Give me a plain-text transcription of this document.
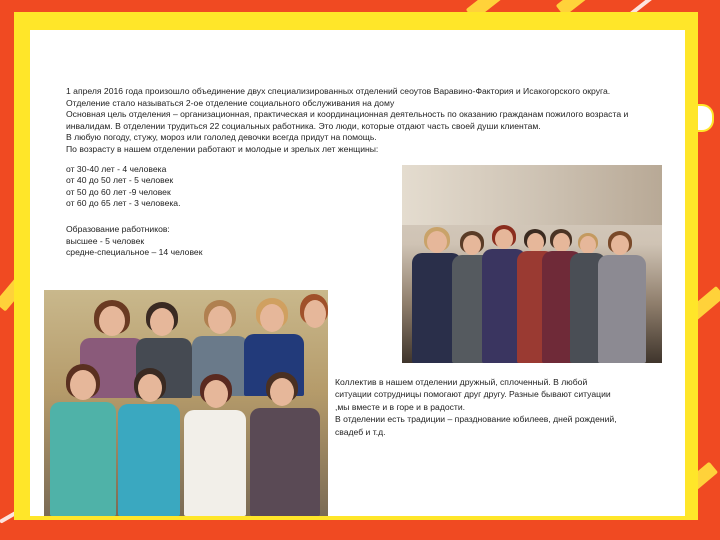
1 апреля 2016 года произошло объединение двух специализированных отделений сеоутов Варавино-Фактория и Исакогорского округа.

Отделение стало называться 2-ое отделение социального обслуживания на дому

Основная цель отделения – организационная, практическая и координационная деятельность по оказанию гражданам пожилого возраста и

инвалидам. В отделении трудиться 22 социальных работника. Это люди, которые отдают часть своей души клиентам.

В любую погоду, стужу, мороз или гололед девочки всегда придут на помощь.

По возрасту в нашем отделении работают и молодые и зрелых лет женщины:

от 30-40 лет - 4 человека

от 40 до 50 лет - 5 человек

от 50 до 60 лет -9 человек

от 60 до 65 лет - 3 человека.

Образование работников:

высшее - 5 человек

средне-специальное – 14 человек

Коллектив в нашем отделении дружный, сплоченный. В любой

ситуации сотрудницы помогают друг другу. Разные бывают ситуации

,мы вместе и в горе и в радости.

В отделении есть традиции – празднование юбилеев, дней рождений,

свадеб и т.д.
